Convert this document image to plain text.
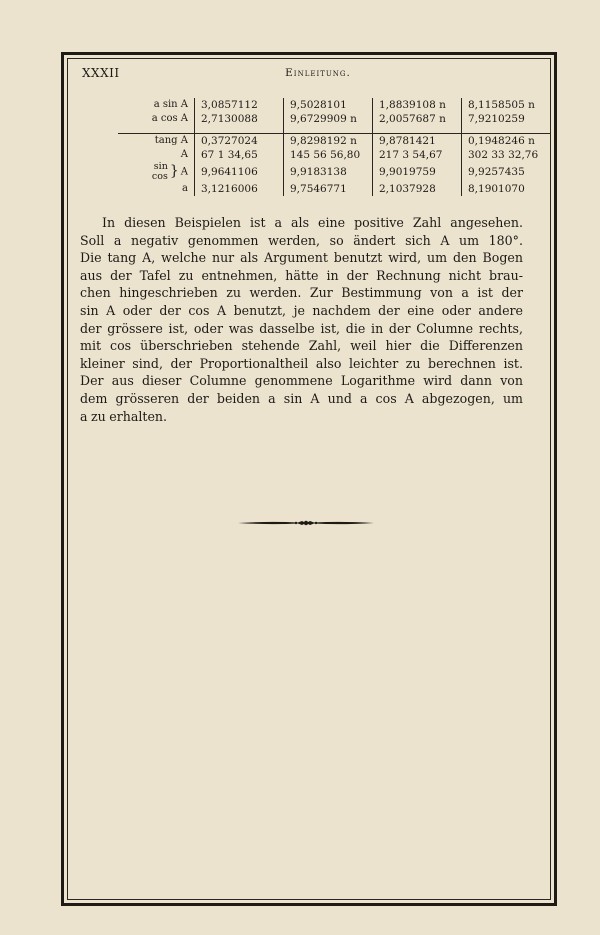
XXXII	Einleitung.
a sin A	3,0857112	9,5028101	1,8839108 n	8,1158505 n
a cos A	2,7130088	9,6729909 n	2,0057687 n	7,9210259

tang A	0,3727024	9,8298192 n	9,8781421	0,1948246 n
A	67 1 34,65	145 56 56,80	217 3 54,67	302 33 32,76
sin
cos } A	9,9641106	9,9183138	9,9019759	9,9257435
a	3,1216006	9,7546771	2,1037928	8,1901070
In diesen Beispielen ist a als eine positive Zahl angesehen.
Soll a negativ genommen werden, so ändert sich A um 180°.
Die tang A, welche nur als Argument benutzt wird, um den Bogen
aus der Tafel zu entnehmen, hätte in der Rechnung nicht brau-
chen hingeschrieben zu werden. Zur Bestimmung von a ist der
sin A oder der cos A benutzt, je nachdem der eine oder andere
der grössere ist, oder was dasselbe ist, die in der Columne rechts,
mit cos überschrieben stehende Zahl, weil hier die Differenzen
kleiner sind, der Proportionaltheil also leichter zu berechnen ist.
Der aus dieser Columne genommene Logarithme wird dann von
dem grösseren der beiden a sin A und a cos A abgezogen, um
a zu erhalten.
